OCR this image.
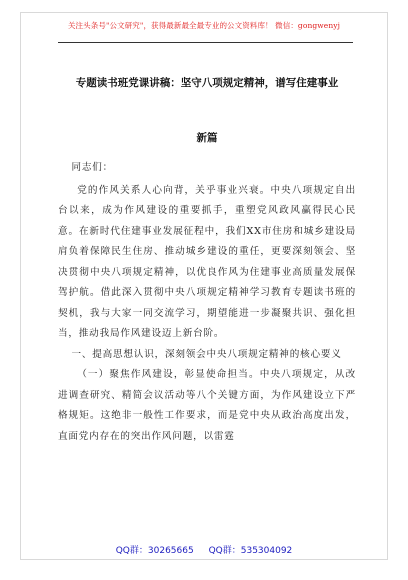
关注头条号"公文研究"，获得最新最全最专业的公文资料库！ 微信：gongwenyj
专题读书班党课讲稿：坚守八项规定精神，谱写住建事业
新篇

同志们：

党的作风关系人心向背，关乎事业兴衰。中央八项规定自出台以来，成为作风建设的重要抓手，重塑党风政风赢得民心民意。在新时代住建事业发展征程中，我们XX市住房和城乡建设局肩负着保障民生住房、推动城乡建设的重任，更要深刻领会、坚决贯彻中央八项规定精神，以优良作风为住建事业高质量发展保驾护航。借此深入贯彻中央八项规定精神学习教育专题读书班的契机，我与大家一同交流学习，期望能进一步凝聚共识、强化担当，推动我局作风建设迈上新台阶。

一、提高思想认识，深刻领会中央八项规定精神的核心要义

（一）聚焦作风建设，彰显使命担当。中央八项规定，从改进调查研究、精简会议活动等八个关键方面，为作风建设立下严格规矩。这绝非一般性工作要求，而是党中央从政治高度出发，直面党内存在的突出作风问题，以雷霆

QQ群：30265665 QQ群：535304092
